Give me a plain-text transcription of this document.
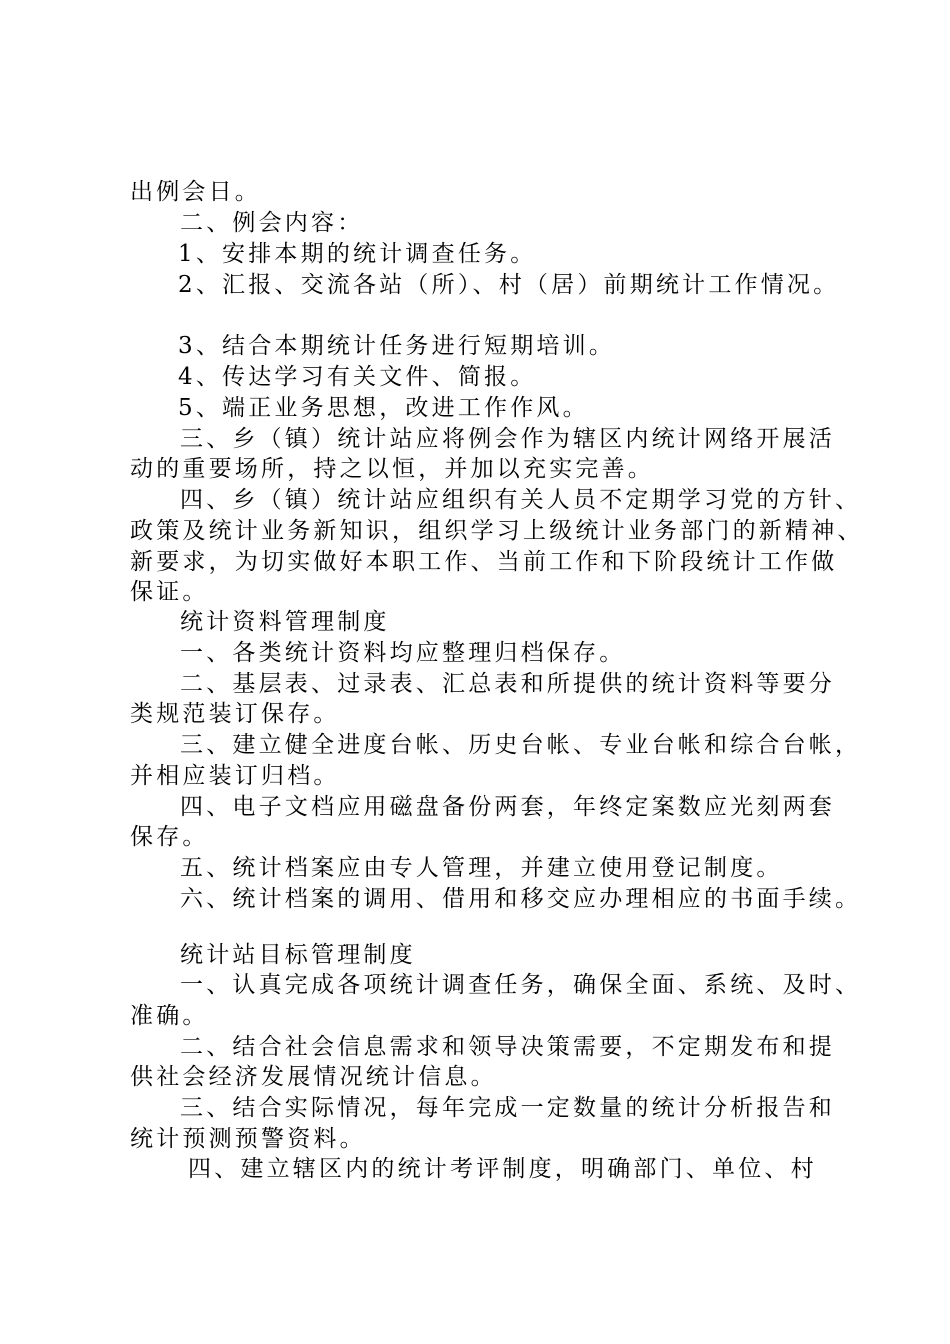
出例会日。
二、例会内容：
1、安排本期的统计调查任务。
2、汇报、交流各站（所）、村（居）前期统计工作情况。
3、结合本期统计任务进行短期培训。
4、传达学习有关文件、简报。
5、端正业务思想，改进工作作风。
三、乡（镇）统计站应将例会作为辖区内统计网络开展活
动的重要场所，持之以恒，并加以充实完善。
四、乡（镇）统计站应组织有关人员不定期学习党的方针、
政策及统计业务新知识，组织学习上级统计业务部门的新精神、
新要求，为切实做好本职工作、当前工作和下阶段统计工作做
保证。
统计资料管理制度
一、各类统计资料均应整理归档保存。
二、基层表、过录表、汇总表和所提供的统计资料等要分
类规范装订保存。
三、建立健全进度台帐、历史台帐、专业台帐和综合台帐，
并相应装订归档。
四、电子文档应用磁盘备份两套，年终定案数应光刻两套
保存。
五、统计档案应由专人管理，并建立使用登记制度。
六、统计档案的调用、借用和移交应办理相应的书面手续。
统计站目标管理制度
一、认真完成各项统计调查任务，确保全面、系统、及时、
准确。
二、结合社会信息需求和领导决策需要，不定期发布和提
供社会经济发展情况统计信息。
三、结合实际情况，每年完成一定数量的统计分析报告和
统计预测预警资料。
四、建立辖区内的统计考评制度，明确部门、单位、村
